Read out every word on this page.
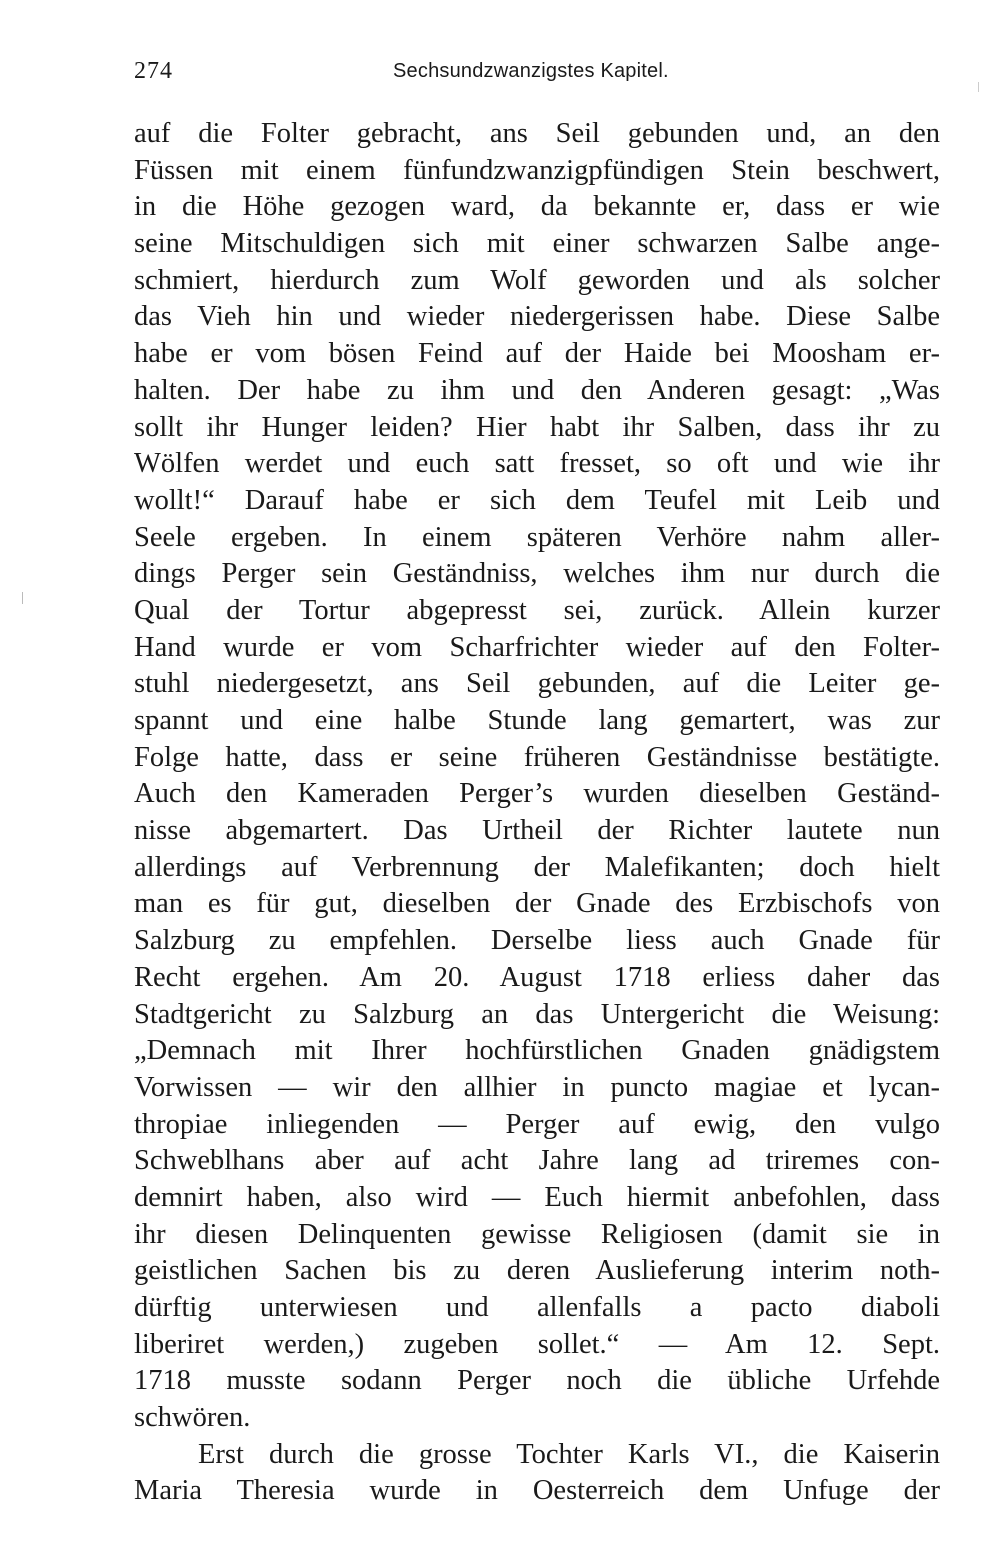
274	Sechsundzwanzigstes Kapitel.
auf die Folter gebracht, ans Seil gebunden und, an den
Füssen mit einem fünfundzwanzigpfündigen Stein beschwert,
in die Höhe gezogen ward, da bekannte er, dass er wie
seine Mitschuldigen sich mit einer schwarzen Salbe ange-
schmiert, hierdurch zum Wolf geworden und als solcher
das Vieh hin und wieder niedergerissen habe. Diese Salbe
habe er vom bösen Feind auf der Haide bei Moosham er-
halten. Der habe zu ihm und den Anderen gesagt: „Was
sollt ihr Hunger leiden? Hier habt ihr Salben, dass ihr zu
Wölfen werdet und euch satt fresset, so oft und wie ihr
wollt!“ Darauf habe er sich dem Teufel mit Leib und
Seele ergeben. In einem späteren Verhöre nahm aller-
dings Perger sein Geständniss, welches ihm nur durch die
Qual der Tortur abgepresst sei, zurück. Allein kurzer
Hand wurde er vom Scharfrichter wieder auf den Folter-
stuhl niedergesetzt, ans Seil gebunden, auf die Leiter ge-
spannt und eine halbe Stunde lang gemartert, was zur
Folge hatte, dass er seine früheren Geständnisse bestätigte.
Auch den Kameraden Perger’s wurden dieselben Geständ-
nisse abgemartert. Das Urtheil der Richter lautete nun
allerdings auf Verbrennung der Malefikanten; doch hielt
man es für gut, dieselben der Gnade des Erzbischofs von
Salzburg zu empfehlen. Derselbe liess auch Gnade für
Recht ergehen. Am 20. August 1718 erliess daher das
Stadtgericht zu Salzburg an das Untergericht die Weisung:
„Demnach mit Ihrer hochfürstlichen Gnaden gnädigstem
Vorwissen — wir den allhier in puncto magiae et lycan-
thropiae inliegenden — Perger auf ewig, den vulgo
Schweblhans aber auf acht Jahre lang ad triremes con-
demnirt haben, also wird — Euch hiermit anbefohlen, dass
ihr diesen Delinquenten gewisse Religiosen (damit sie in
geistlichen Sachen bis zu deren Auslieferung interim noth-
dürftig unterwiesen und allenfalls a pacto diaboli
liberiret werden,) zugeben sollet.“ — Am 12. Sept.
1718 musste sodann Perger noch die übliche Urfehde
schwören.
Erst durch die grosse Tochter Karls VI., die Kaiserin
Maria Theresia wurde in Oesterreich dem Unfuge der
